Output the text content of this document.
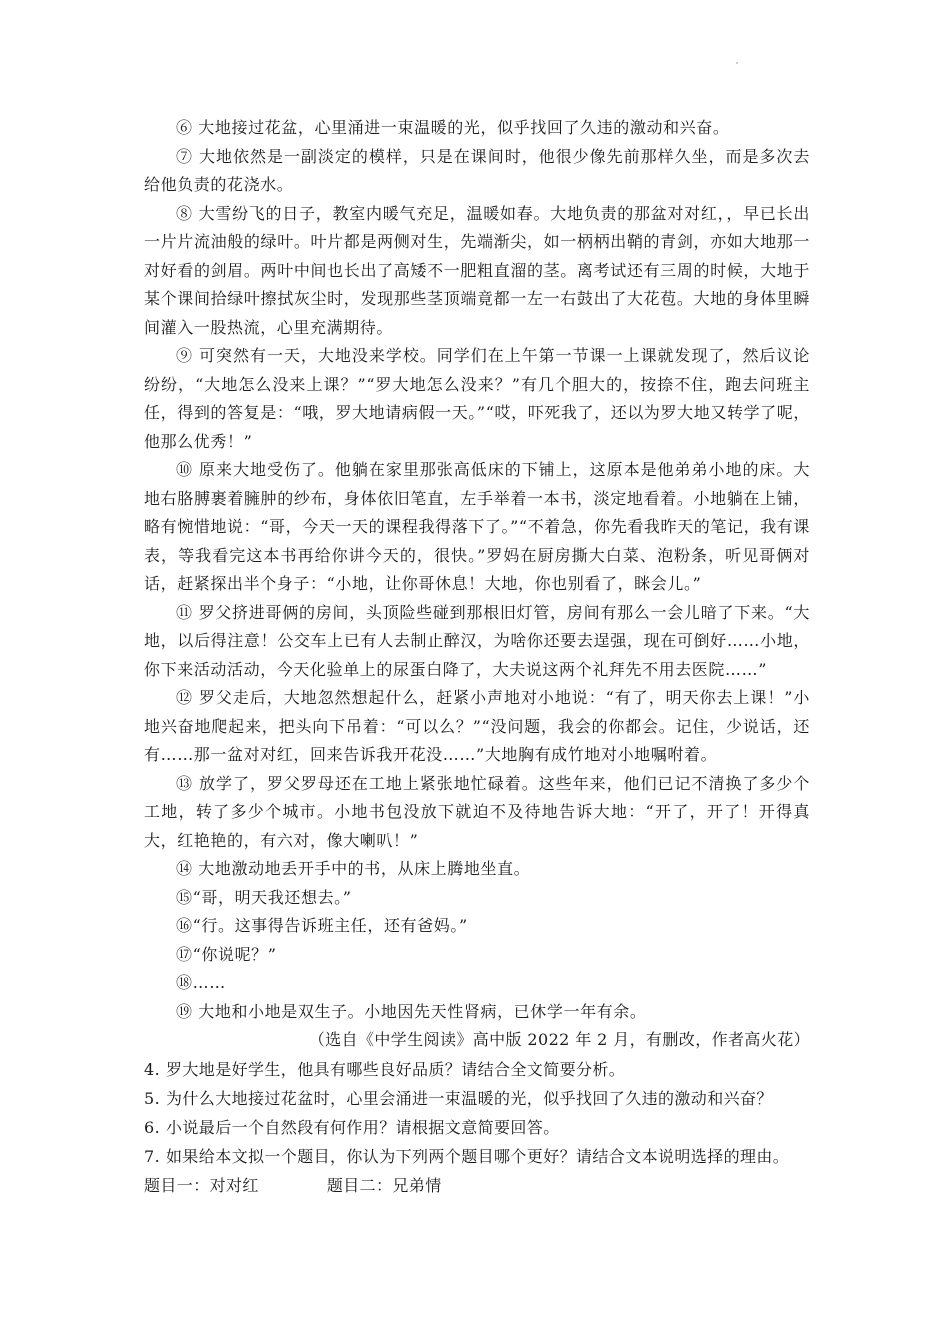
⑥ 大地接过花盆，心里涌进一束温暖的光，似乎找回了久违的激动和兴奋。

⑦ 大地依然是一副淡定的模样，只是在课间时，他很少像先前那样久坐，而是多次去给他负责的花浇水。

⑧ 大雪纷飞的日子，教室内暖气充足，温暖如春。大地负责的那盆对对红，，早已长出一片片流油般的绿叶。叶片都是两侧对生，先端渐尖，如一柄柄出鞘的青剑，亦如大地那一对好看的剑眉。两叶中间也长出了高矮不一肥粗直溜的茎。离考试还有三周的时候，大地于某个课间拾绿叶擦拭灰尘时，发现那些茎顶端竟都一左一右鼓出了大花苞。大地的身体里瞬间灌入一股热流，心里充满期待。

⑨ 可突然有一天，大地没来学校。同学们在上午第一节课一上课就发现了，然后议论纷纷，“大地怎么没来上课？”“罗大地怎么没来？”有几个胆大的，按捺不住，跑去问班主任，得到的答复是：“哦，罗大地请病假一天。”“哎，吓死我了，还以为罗大地又转学了呢，他那么优秀！”

⑩ 原来大地受伤了。他躺在家里那张高低床的下铺上，这原本是他弟弟小地的床。大地右胳膊裹着臃肿的纱布，身体依旧笔直，左手举着一本书，淡定地看着。小地躺在上铺，略有惋惜地说：“哥，今天一天的课程我得落下了。”“不着急，你先看我昨天的笔记，我有课表，等我看完这本书再给你讲今天的，很快。”罗妈在厨房撕大白菜、泡粉条，听见哥俩对话，赶紧探出半个身子：“小地，让你哥休息！大地，你也别看了，眯会儿。”

⑪ 罗父挤进哥俩的房间，头顶险些碰到那根旧灯管，房间有那么一会儿暗了下来。“大地，以后得注意！公交车上已有人去制止醉汉，为啥你还要去逞强，现在可倒好……小地，你下来活动活动，今天化验单上的尿蛋白降了，大夫说这两个礼拜先不用去医院……”

⑫ 罗父走后，大地忽然想起什么，赶紧小声地对小地说：“有了，明天你去上课！”小地兴奋地爬起来，把头向下吊着：“可以么？”“没问题，我会的你都会。记住，少说话，还有……那一盆对对红，回来告诉我开花没……”大地胸有成竹地对小地嘱咐着。

⑬ 放学了，罗父罗母还在工地上紧张地忙碌着。这些年来，他们已记不清换了多少个工地，转了多少个城市。小地书包没放下就迫不及待地告诉大地：“开了，开了！开得真大，红艳艳的，有六对，像大喇叭！”

⑭ 大地激动地丢开手中的书，从床上腾地坐直。

⑮“哥，明天我还想去。”

⑯“行。这事得告诉班主任，还有爸妈。”

⑰“你说呢？”

⑱……

⑲ 大地和小地是双生子。小地因先天性肾病，已休学一年有余。

（选自《中学生阅读》高中版 2022 年 2 月，有删改，作者高火花）

4. 罗大地是好学生，他具有哪些良好品质？请结合全文简要分析。

5. 为什么大地接过花盆时，心里会涌进一束温暖的光，似乎找回了久违的激动和兴奋？

6. 小说最后一个自然段有何作用？请根据文意简要回答。

7. 如果给本文拟一个题目，你认为下列两个题目哪个更好？请结合文本说明选择的理由。

题目一：对对红	题目二：兄弟情
